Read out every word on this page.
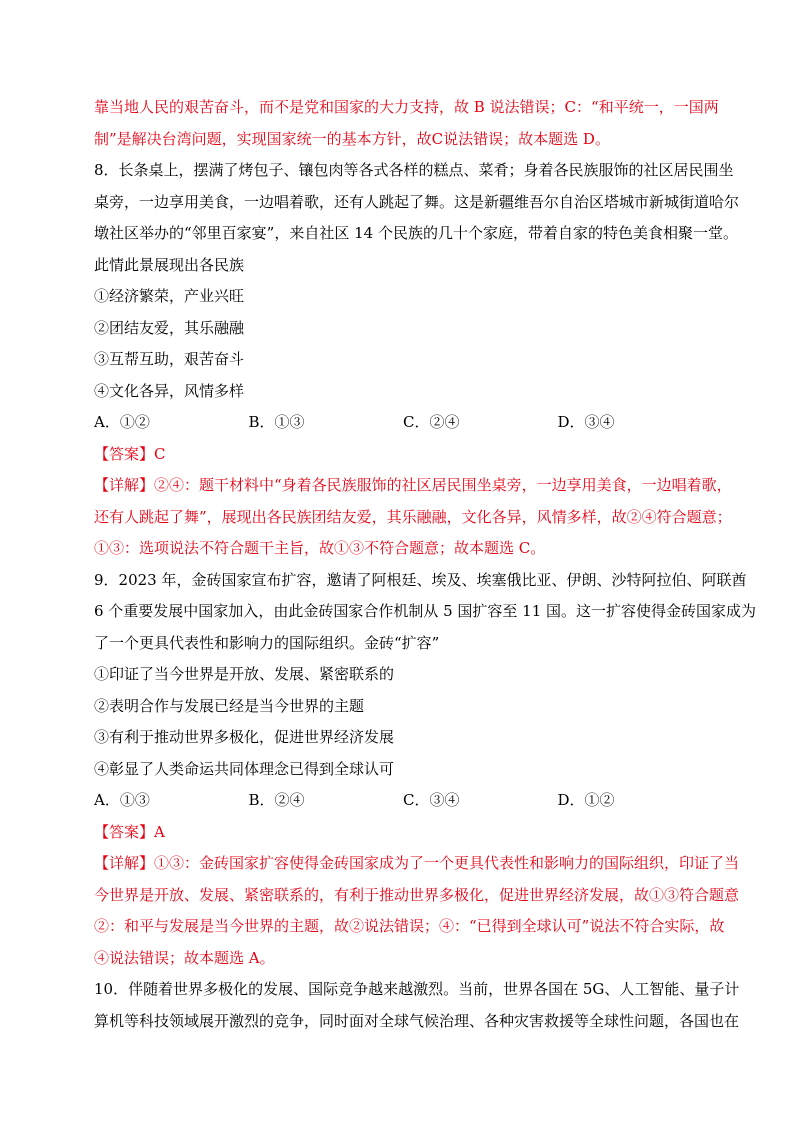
靠当地人民的艰苦奋斗，而不是党和国家的大力支持，故 B 说法错误；C：“和平统一，一国两
制”是解决台湾问题，实现国家统一的基本方针，故C说法错误；故本题选 D。
8．长条桌上，摆满了烤包子、镶包肉等各式各样的糕点、菜肴；身着各民族服饰的社区居民围坐
桌旁，一边享用美食，一边唱着歌，还有人跳起了舞。这是新疆维吾尔自治区塔城市新城街道哈尔
墩社区举办的“邻里百家宴”，来自社区 14 个民族的几十个家庭，带着自家的特色美食相聚一堂。
此情此景展现出各民族
①经济繁荣，产业兴旺
②团结友爱，其乐融融
③互帮互助，艰苦奋斗
④文化各异，风情多样
A．①②	B．①③	C．②④	D．③④
【答案】C
【详解】②④：题干材料中“身着各民族服饰的社区居民围坐桌旁，一边享用美食，一边唱着歌，
还有人跳起了舞”，展现出各民族团结友爱，其乐融融，文化各异，风情多样，故②④符合题意；
①③：选项说法不符合题干主旨，故①③不符合题意；故本题选 C。
9．2023 年，金砖国家宣布扩容，邀请了阿根廷、埃及、埃塞俄比亚、伊朗、沙特阿拉伯、阿联酋
6 个重要发展中国家加入，由此金砖国家合作机制从 5 国扩容至 11 国。这一扩容使得金砖国家成为
了一个更具代表性和影响力的国际组织。金砖“扩容”
①印证了当今世界是开放、发展、紧密联系的
②表明合作与发展已经是当今世界的主题
③有利于推动世界多极化，促进世界经济发展
④彰显了人类命运共同体理念已得到全球认可
A．①③	B．②④	C．③④	D．①②
【答案】A
【详解】①③：金砖国家扩容使得金砖国家成为了一个更具代表性和影响力的国际组织，印证了当
今世界是开放、发展、紧密联系的，有利于推动世界多极化，促进世界经济发展，故①③符合题意
②：和平与发展是当今世界的主题，故②说法错误；④：“已得到全球认可”说法不符合实际，故
④说法错误；故本题选 A。
10．伴随着世界多极化的发展、国际竞争越来越激烈。当前，世界各国在 5G、人工智能、量子计
算机等科技领域展开激烈的竞争，同时面对全球气候治理、各种灾害救援等全球性问题，各国也在
